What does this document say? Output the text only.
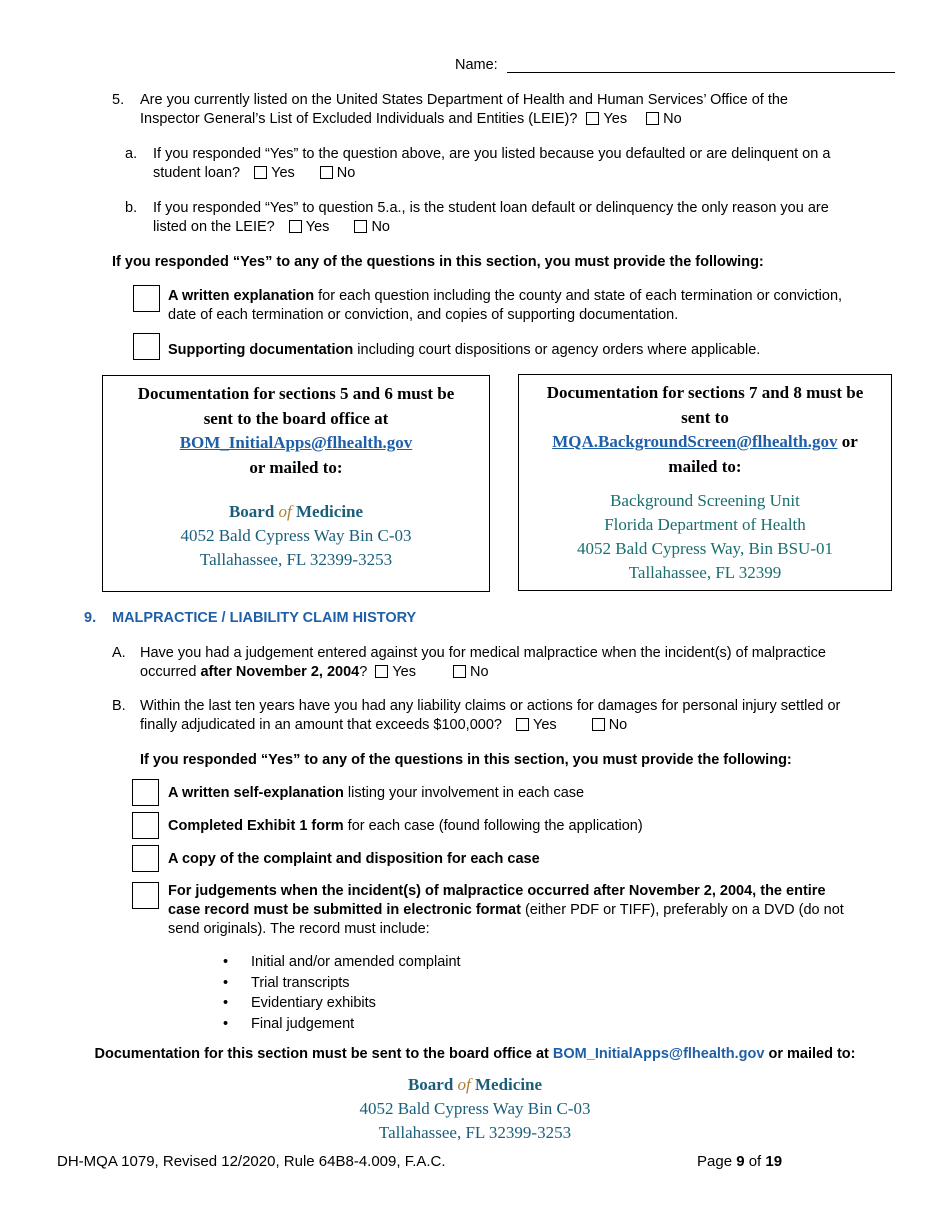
Name:
5. Are you currently listed on the United States Department of Health and Human Services’ Office of the
Inspector General’s List of Excluded Individuals and Entities (LEIE)? Yes No
a. If you responded “Yes” to the question above, are you listed because you defaulted or are delinquent on a
student loan? Yes	No
b. If you responded “Yes” to question 5.a., is the student loan default or delinquency the only reason you are
listed on the LEIE? Yes	No
If you responded “Yes” to any of the questions in this section, you must provide the following:
A written explanation for each question including the county and state of each termination or conviction,
date of each termination or conviction, and copies of supporting documentation.
Supporting documentation including court dispositions or agency orders where applicable.
Documentation for sections 5 and 6 must be
sent to the board office at
BOM_InitialApps@flhealth.gov
or mailed to:
Board of Medicine
4052 Bald Cypress Way Bin C-03
Tallahassee, FL 32399-3253
Documentation for sections 7 and 8 must be
sent to
MQA.BackgroundScreen@flhealth.gov or
mailed to:
Background Screening Unit
Florida Department of Health
4052 Bald Cypress Way, Bin BSU-01
Tallahassee, FL 32399
9. MALPRACTICE / LIABILITY CLAIM HISTORY
A. Have you had a judgement entered against you for medical malpractice when the incident(s) of malpractice
occurred after November 2, 2004? Yes	No
B. Within the last ten years have you had any liability claims or actions for damages for personal injury settled or
finally adjudicated in an amount that exceeds $100,000? Yes	No
If you responded “Yes” to any of the questions in this section, you must provide the following:
A written self-explanation listing your involvement in each case
Completed Exhibit 1 form for each case (found following the application)
A copy of the complaint and disposition for each case
For judgements when the incident(s) of malpractice occurred after November 2, 2004, the entire
case record must be submitted in electronic format (either PDF or TIFF), preferably on a DVD (do not
send originals). The record must include:
• Initial and/or amended complaint
• Trial transcripts
• Evidentiary exhibits
• Final judgement
Documentation for this section must be sent to the board office at BOM_InitialApps@flhealth.gov or mailed to:
Board of Medicine
4052 Bald Cypress Way Bin C-03
Tallahassee, FL 32399-3253
DH-MQA 1079, Revised 12/2020, Rule 64B8-4.009, F.A.C.	Page 9 of 19
